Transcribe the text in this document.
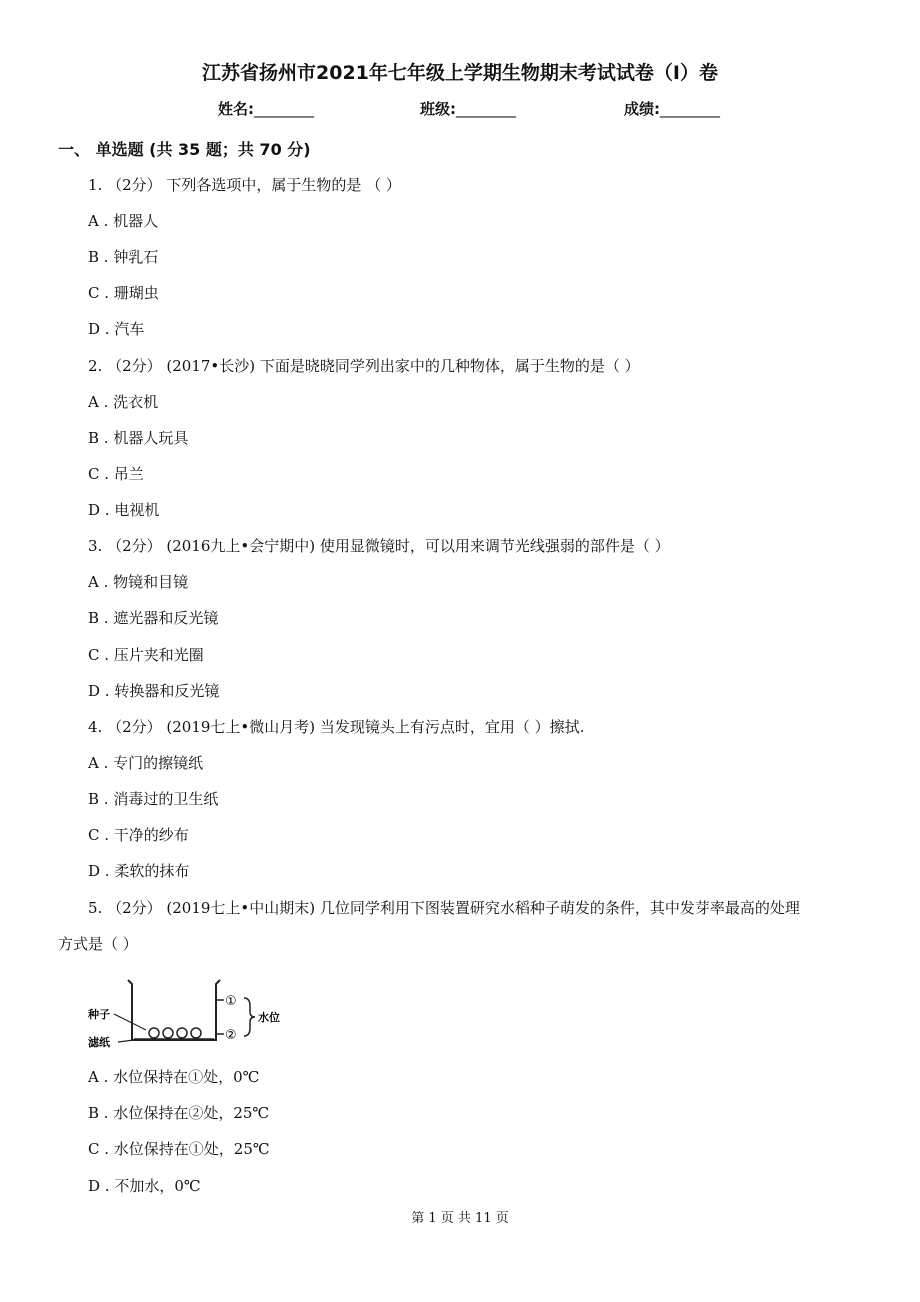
江苏省扬州市2021年七年级上学期生物期末考试试卷（I）卷
姓名:________	班级:________	成绩:________
一、 单选题 (共 35 题；共 70 分)
1. （2分） 下列各选项中，属于生物的是 （ ）
A . 机器人
B . 钟乳石
C . 珊瑚虫
D . 汽车
2. （2分） (2017•长沙) 下面是晓晓同学列出家中的几种物体，属于生物的是（ ）
A . 洗衣机
B . 机器人玩具
C . 吊兰
D . 电视机
3. （2分） (2016九上•会宁期中) 使用显微镜时，可以用来调节光线强弱的部件是（ ）
A . 物镜和目镜
B . 遮光器和反光镜
C . 压片夹和光圈
D . 转换器和反光镜
4. （2分） (2019七上•微山月考) 当发现镜头上有污点时，宜用（ ）擦拭.
A . 专门的擦镜纸
B . 消毒过的卫生纸
C . 干净的纱布
D . 柔软的抹布
5. （2分） (2019七上•中山期末) 几位同学利用下图装置研究水稻种子萌发的条件，其中发芽率最高的处理
方式是（ ）
种子
滤纸
①
②
水位
A . 水位保持在①处，0℃
B . 水位保持在②处，25℃
C . 水位保持在①处，25℃
D . 不加水，0℃
第 1 页 共 11 页
